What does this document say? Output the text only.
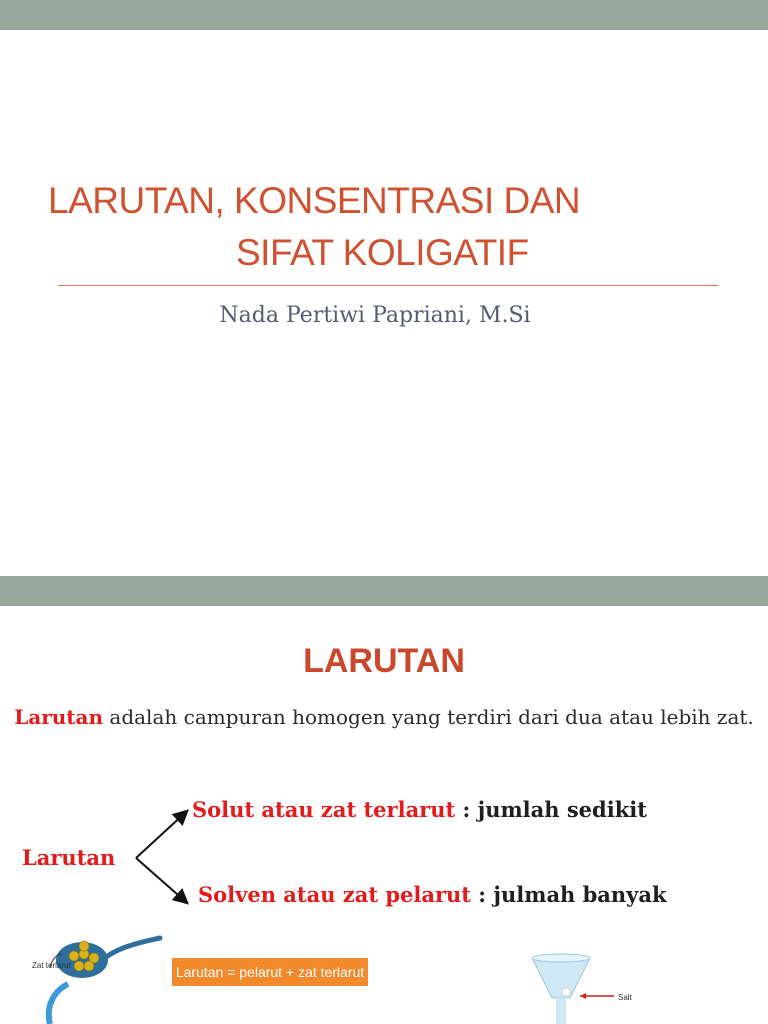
LARUTAN, KONSENTRASI DAN
SIFAT KOLIGATIF
Nada Pertiwi Papriani, M.Si
LARUTAN
Larutan adalah campuran homogen yang terdiri dari dua atau lebih zat.
Larutan
Solut atau zat terlarut : jumlah sedikit
Solven atau zat pelarut : julmah banyak
Zat terlarut	Larutan = pelarut + zat terlarut
Salt
